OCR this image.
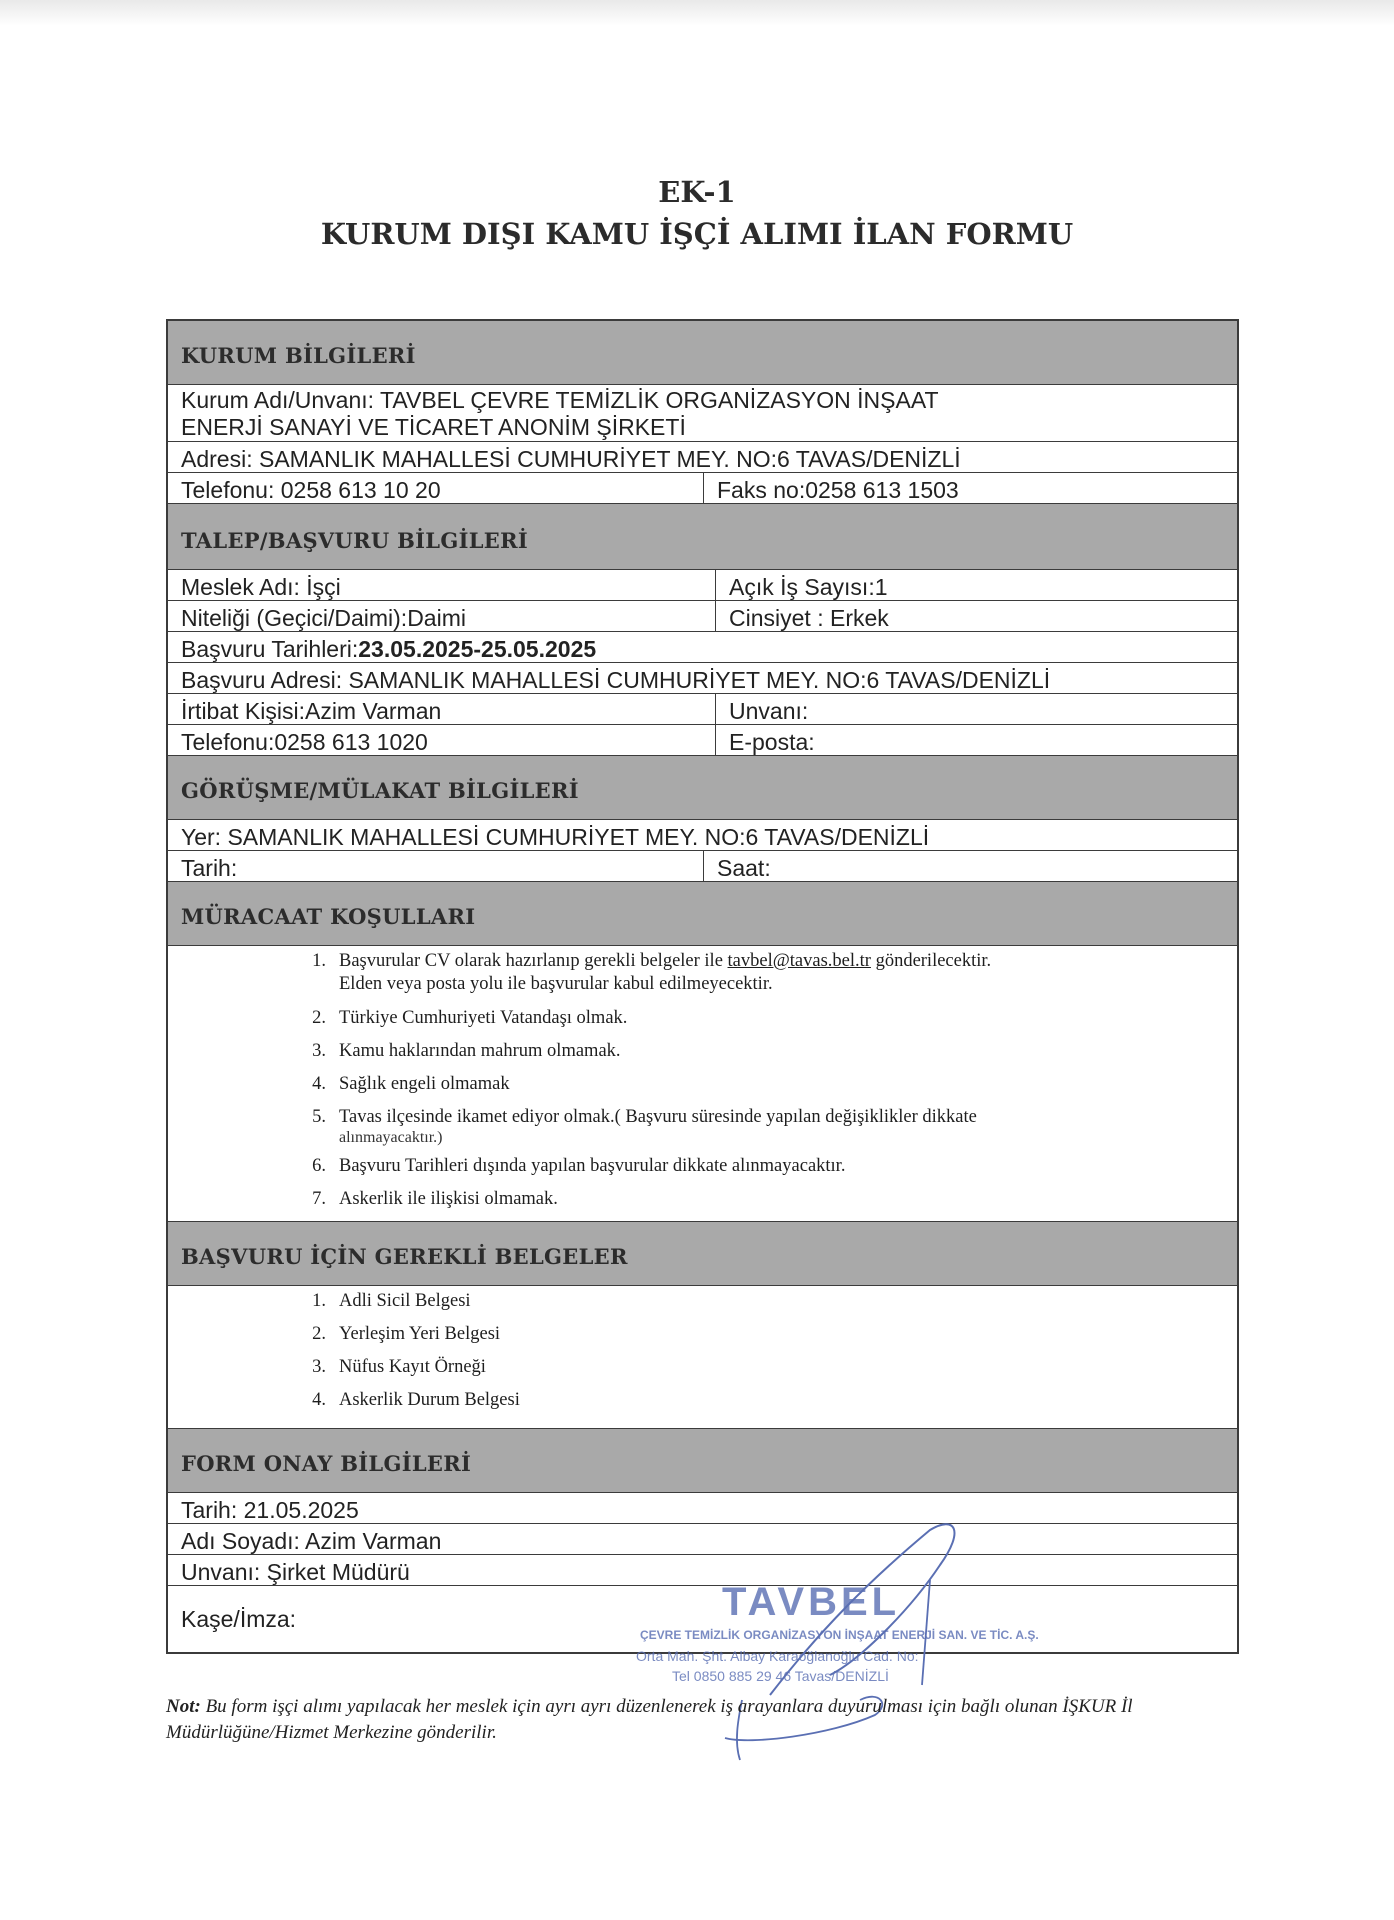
EK-1
KURUM DIŞI KAMU İŞÇİ ALIMI İLAN FORMU
KURUM BİLGİLERİ
Kurum Adı/Unvanı: TAVBEL ÇEVRE TEMİZLİK ORGANİZASYON İNŞAAT ENERJİ SANAYİ VE TİCARET ANONİM ŞİRKETİ
Adresi: SAMANLIK MAHALLESİ CUMHURİYET MEY. NO:6 TAVAS/DENİZLİ
Telefonu: 0258 613 10 20	Faks no:0258 613 1503
TALEP/BAŞVURU BİLGİLERİ
Meslek Adı: İşçi	Açık İş Sayısı:1
Niteliği (Geçici/Daimi):Daimi	Cinsiyet : Erkek
Başvuru Tarihleri:23.05.2025-25.05.2025
Başvuru Adresi: SAMANLIK MAHALLESİ CUMHURİYET MEY. NO:6 TAVAS/DENİZLİ
İrtibat Kişisi:Azim Varman	Unvanı:
Telefonu:0258 613 1020	E-posta:
GÖRÜŞME/MÜLAKAT BİLGİLERİ
Yer: SAMANLIK MAHALLESİ CUMHURİYET MEY. NO:6 TAVAS/DENİZLİ
Tarih:	Saat:
MÜRACAAT KOŞULLARI
1. Başvurular CV olarak hazırlanıp gerekli belgeler ile tavbel@tavas.bel.tr gönderilecektir.
Elden veya posta yolu ile başvurular kabul edilmeyecektir.
2. Türkiye Cumhuriyeti Vatandaşı olmak.
3. Kamu haklarından mahrum olmamak.
4. Sağlık engeli olmamak
5. Tavas ilçesinde ikamet ediyor olmak.( Başvuru süresinde yapılan değişiklikler dikkate
alınmayacaktır.)
6. Başvuru Tarihleri dışında yapılan başvurular dikkate alınmayacaktır.
7. Askerlik ile ilişkisi olmamak.
BAŞVURU İÇİN GEREKLİ BELGELER
1. Adli Sicil Belgesi
2. Yerleşim Yeri Belgesi
3. Nüfus Kayıt Örneği
4. Askerlik Durum Belgesi
FORM ONAY BİLGİLERİ
Tarih: 21.05.2025
Adı Soyadı: Azim Varman
Unvanı: Şirket Müdürü
Kaşe/İmza:	TAVBEL
ÇEVRE TEMİZLİK ORGANİZASYON İNŞAAT ENERJİ SAN. VE TİC. A.Ş.
Orta Mah. Şht. Albay Karaoğlanoğlu Cad. No:
Tel 0850 885 29 46 Tavas/DENİZLİ
Not: Bu form işçi alımı yapılacak her meslek için ayrı ayrı düzenlenerek iş arayanlara duyurulması için bağlı olunan İŞKUR İl Müdürlüğüne/Hizmet Merkezine gönderilir.
